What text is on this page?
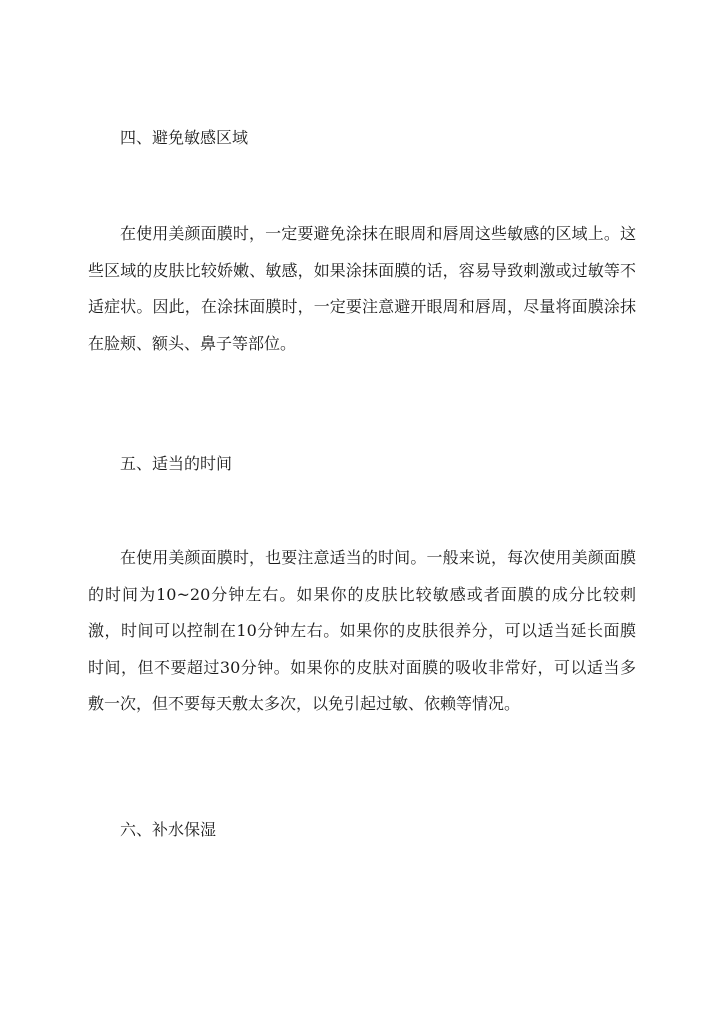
四、避免敏感区域

在使用美颜面膜时，一定要避免涂抹在眼周和唇周这些敏感的区域上。这些区域的皮肤比较娇嫩、敏感，如果涂抹面膜的话，容易导致刺激或过敏等不适症状。因此，在涂抹面膜时，一定要注意避开眼周和唇周，尽量将面膜涂抹在脸颊、额头、鼻子等部位。

五、适当的时间

在使用美颜面膜时，也要注意适当的时间。一般来说，每次使用美颜面膜的时间为10~20分钟左右。如果你的皮肤比较敏感或者面膜的成分比较刺激，时间可以控制在10分钟左右。如果你的皮肤很养分，可以适当延长面膜时间，但不要超过30分钟。如果你的皮肤对面膜的吸收非常好，可以适当多敷一次，但不要每天敷太多次，以免引起过敏、依赖等情况。

六、补水保湿
